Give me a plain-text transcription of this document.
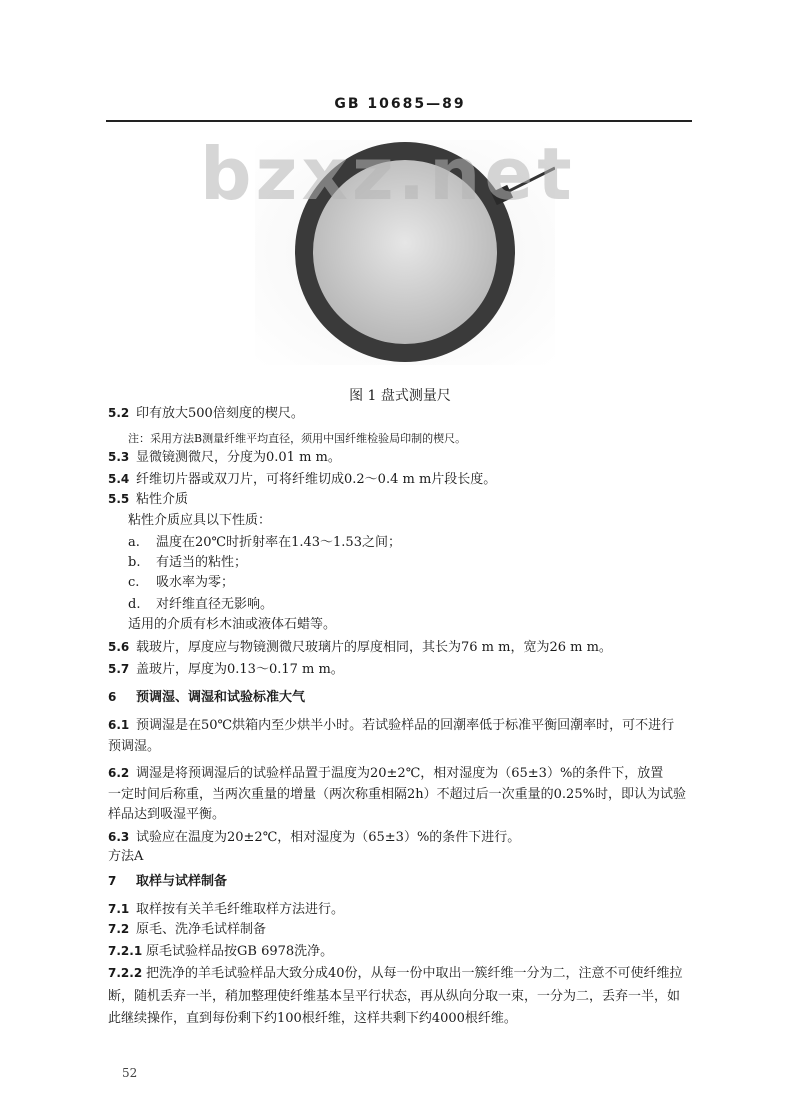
GB 10685—89
bzxz.net
图 1 盘式测量尺
5.2 印有放大500倍刻度的楔尺。
注：采用方法B测量纤维平均直径，须用中国纤维检验局印制的楔尺。
5.3 显微镜测微尺，分度为0.01 m m。
5.4 纤维切片器或双刀片，可将纤维切成0.2～0.4 m m片段长度。
5.5 粘性介质
粘性介质应具以下性质：
a. 温度在20℃时折射率在1.43～1.53之间；
b. 有适当的粘性；
c. 吸水率为零；
d. 对纤维直径无影响。
适用的介质有杉木油或液体石蜡等。
5.6 载玻片，厚度应与物镜测微尺玻璃片的厚度相同，其长为76 m m，宽为26 m m。
5.7 盖玻片，厚度为0.13～0.17 m m。
6 预调湿、调湿和试验标准大气
6.1 预调湿是在50℃烘箱内至少烘半小时。若试验样品的回潮率低于标准平衡回潮率时，可不进行
预调湿。
6.2 调湿是将预调湿后的试验样品置于温度为20±2℃，相对湿度为（65±3）%的条件下，放置
一定时间后称重，当两次重量的增量（两次称重相隔2h）不超过后一次重量的0.25%时，即认为试验
样品达到吸湿平衡。
6.3 试验应在温度为20±2℃，相对湿度为（65±3）%的条件下进行。
方法A
7 取样与试样制备
7.1 取样按有关羊毛纤维取样方法进行。
7.2 原毛、洗净毛试样制备
7.2.1 原毛试验样品按GB 6978洗净。
7.2.2 把洗净的羊毛试验样品大致分成40份，从每一份中取出一簇纤维一分为二，注意不可使纤维拉
断，随机丢弃一半，稍加整理使纤维基本呈平行状态，再从纵向分取一束，一分为二，丢弃一半，如
此继续操作，直到每份剩下约100根纤维，这样共剩下约4000根纤维。
52
